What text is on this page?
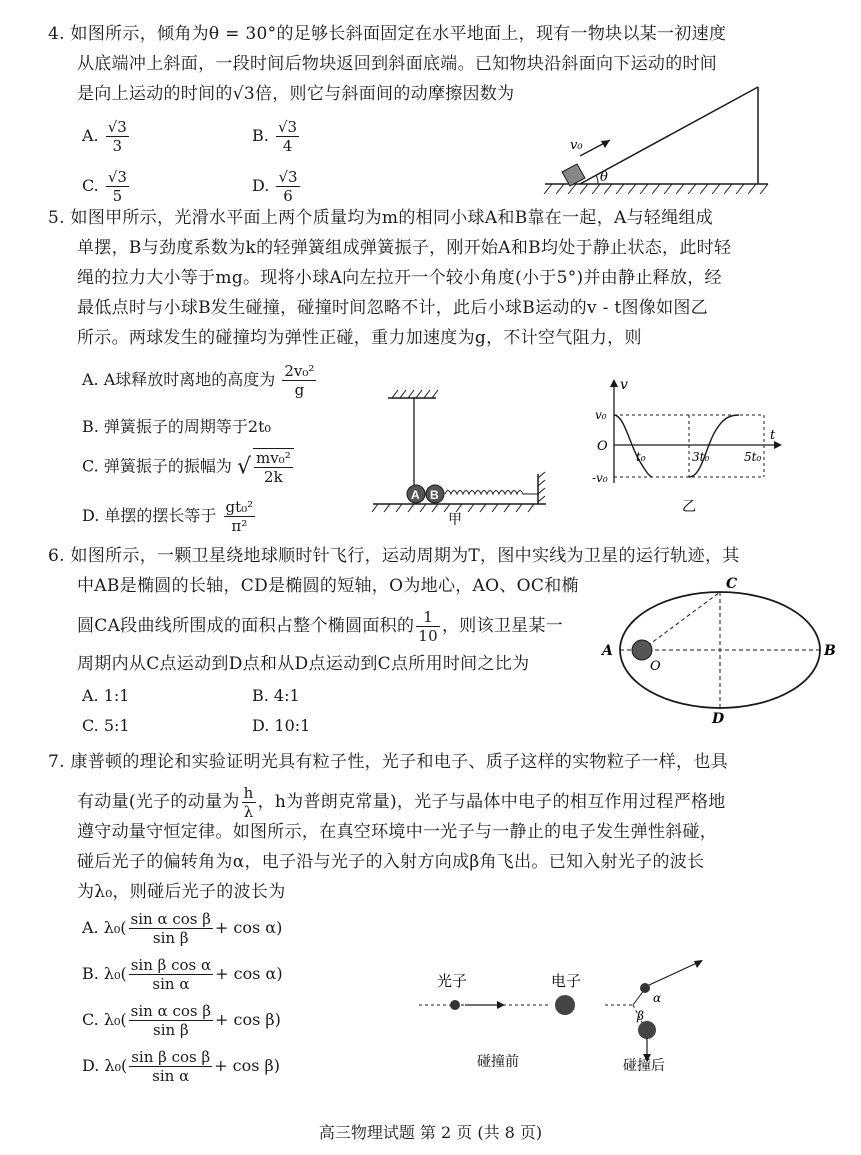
4. 如图所示，倾角为θ = 30°的足够长斜面固定在水平地面上，现有一物块以某一初速度
从底端冲上斜面，一段时间后物块返回到斜面底端。已知物块沿斜面向下运动的时间
是向上运动的时间的√3倍，则它与斜面间的动摩擦因数为
A. $\frac{√3}{3}$	B. $\frac{√3}{4}$
C. $\frac{√3}{5}$	D. $\frac{√3}{6}$
v₀
θ
5. 如图甲所示，光滑水平面上两个质量均为m的相同小球A和B靠在一起，A与轻绳组成
单摆，B与劲度系数为k的轻弹簧组成弹簧振子，刚开始A和B均处于静止状态，此时轻
绳的拉力大小等于mg。现将小球A向左拉开一个较小角度(小于5°)并由静止释放，经
最低点时与小球B发生碰撞，碰撞时间忽略不计，此后小球B运动的v - t图像如图乙
所示。两球发生的碰撞均为弹性正碰，重力加速度为g，不计空气阻力，则
A. A球释放时离地的高度为 $\frac{\text{2v₀²}}{g}$
B. 弹簧振子的周期等于2t₀
C. 弹簧振子的振幅为 √ $\frac{\text{mv₀²}}{2k}$
D. 单摆的摆长等于 $\frac{\text{gt₀²}}{\text{π²}}$
A B
甲
v
t
O
v₀
-v₀
t₀	3t₀	5t₀
乙
6. 如图所示，一颗卫星绕地球顺时针飞行，运动周期为T，图中实线为卫星的运行轨迹，其
中AB是椭圆的长轴，CD是椭圆的短轴，O为地心，AO、OC和椭
圆CA段曲线所围成的面积占整个椭圆面积的 $\frac{1}{10}$ ，则该卫星某一
周期内从C点运动到D点和从D点运动到C点所用时间之比为
A. 1:1	B. 4:1
C. 5:1	D. 10:1
A	B
C
D
O
7. 康普顿的理论和实验证明光具有粒子性，光子和电子、质子这样的实物粒子一样，也具
有动量(光子的动量为 $\frac{h}{\lambda}$ ，h为普朗克常量)，光子与晶体中电子的相互作用过程严格地
遵守动量守恒定律。如图所示，在真空环境中一光子与一静止的电子发生弹性斜碰，
碰后光子的偏转角为α，电子沿与光子的入射方向成β角飞出。已知入射光子的波长
为λ₀，则碰后光子的波长为
A. $\lambda_0( \frac{\text{sin α cos β}}{\text{sin β}} + \cos \alpha)$
B. $\lambda_0( \frac{\text{sin β cos α}}{\text{sin α}} + \cos \alpha)$
C. $\lambda_0( \frac{\text{sin α cos β}}{\text{sin β}} + \cos \beta)$
D. $\lambda_0( \frac{\text{sin β cos β}}{\text{sin α}} + \cos \beta)$
光子	电子
碰撞前
α
β
碰撞后
高三物理试题 第 2 页 (共 8 页)
